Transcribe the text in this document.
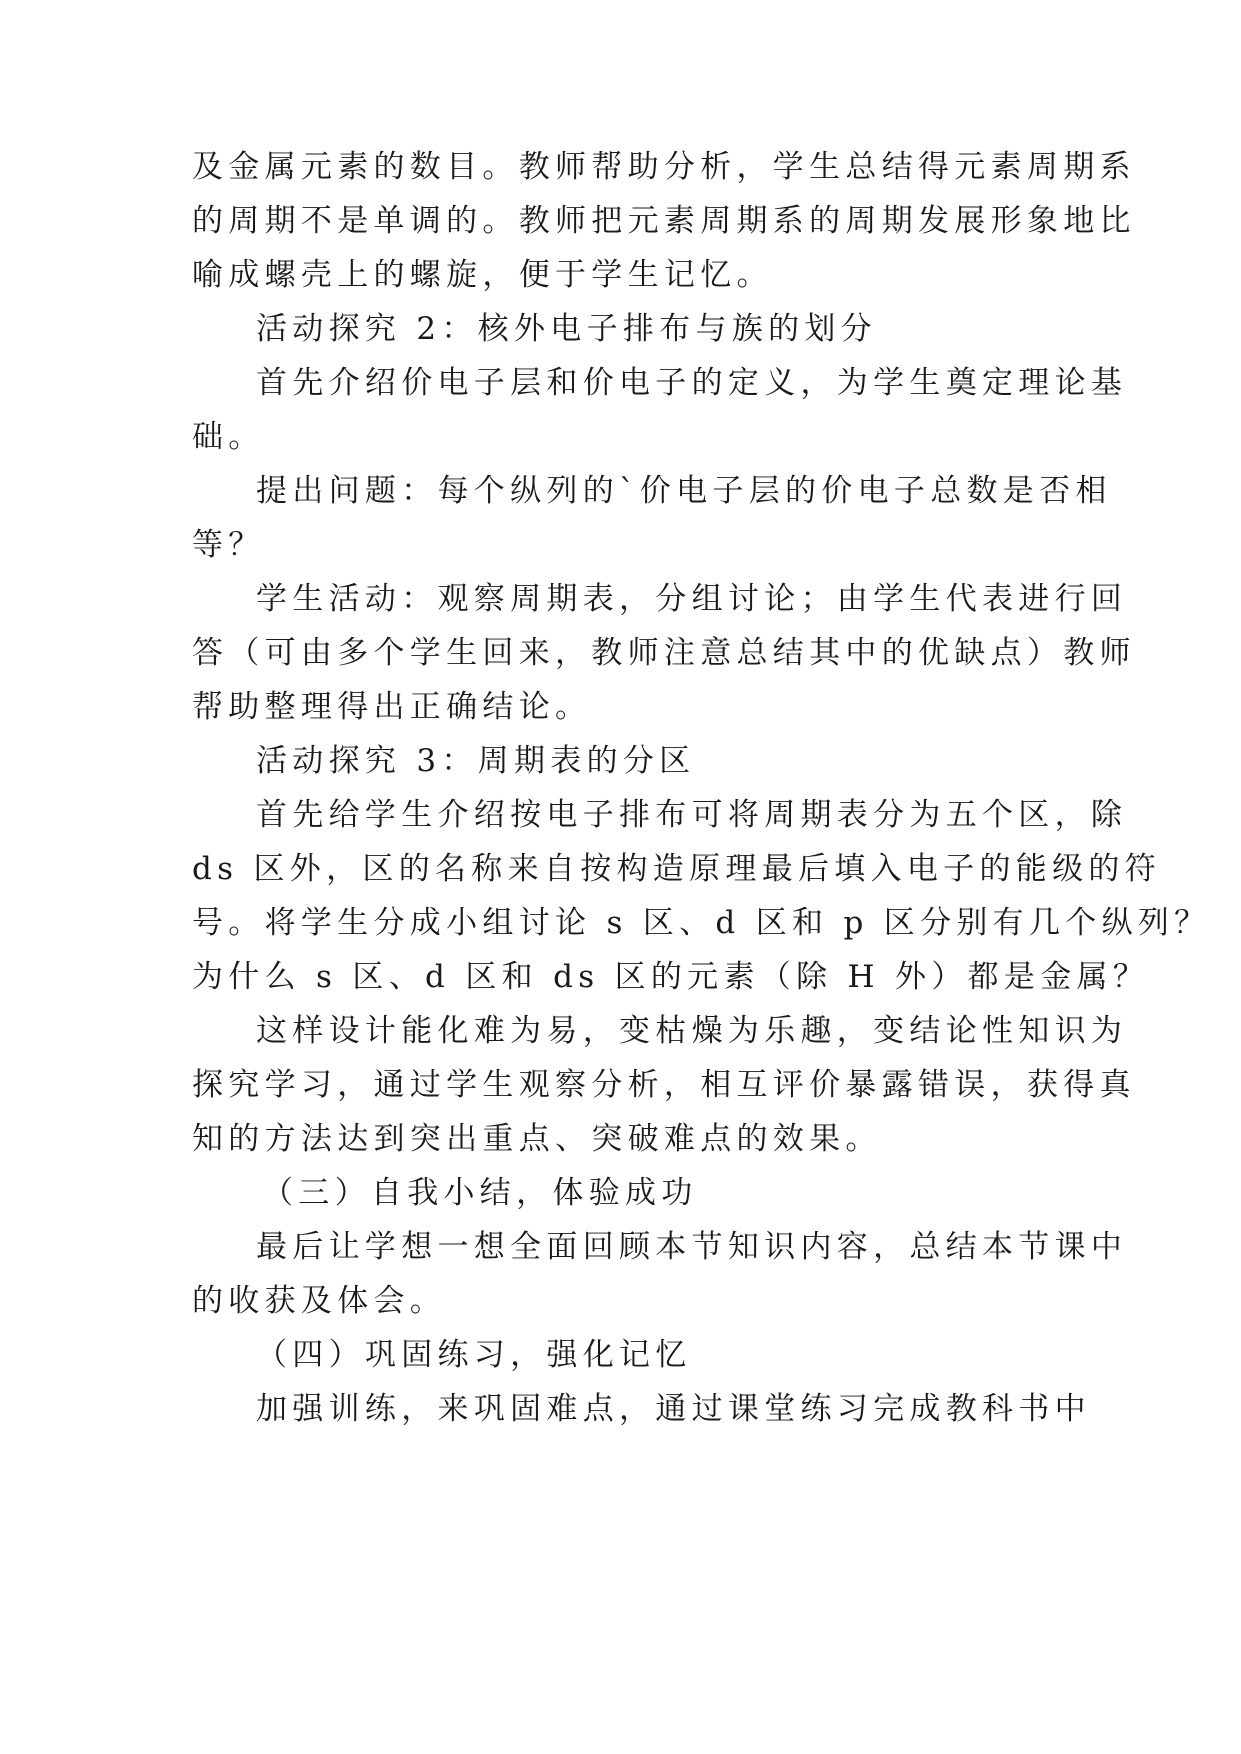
及金属元素的数目。教师帮助分析，学生总结得元素周期系
的周期不是单调的。教师把元素周期系的周期发展形象地比
喻成螺壳上的螺旋，便于学生记忆。
活动探究 2：核外电子排布与族的划分
首先介绍价电子层和价电子的定义，为学生奠定理论基
础。
提出问题：每个纵列的`价电子层的价电子总数是否相
等？
学生活动：观察周期表，分组讨论；由学生代表进行回
答（可由多个学生回来，教师注意总结其中的优缺点）教师
帮助整理得出正确结论。
活动探究 3：周期表的分区
首先给学生介绍按电子排布可将周期表分为五个区，除
ds 区外，区的名称来自按构造原理最后填入电子的能级的符
号。将学生分成小组讨论 s 区、d 区和 p 区分别有几个纵列？
为什么 s 区、d 区和 ds 区的元素（除 H 外）都是金属？
这样设计能化难为易，变枯燥为乐趣，变结论性知识为
探究学习，通过学生观察分析，相互评价暴露错误，获得真
知的方法达到突出重点、突破难点的效果。
（三）自我小结，体验成功
最后让学想一想全面回顾本节知识内容，总结本节课中
的收获及体会。
（四）巩固练习，强化记忆
加强训练，来巩固难点，通过课堂练习完成教科书中
